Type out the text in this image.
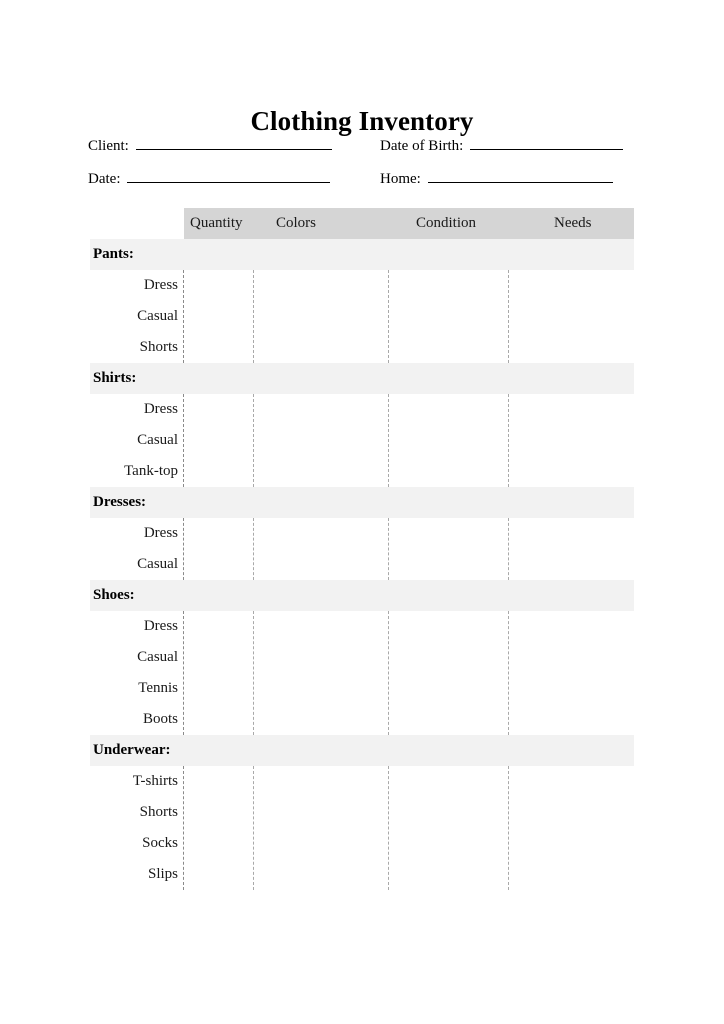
Clothing Inventory
Client:	Date of Birth:
Date:	Home:
Quantity	Colors	Condition	Needs
Pants:
Dress
Casual
Shorts
Shirts:
Dress
Casual
Tank-top
Dresses:
Dress
Casual
Shoes:
Dress
Casual
Tennis
Boots
Underwear:
T-shirts
Shorts
Socks
Slips
